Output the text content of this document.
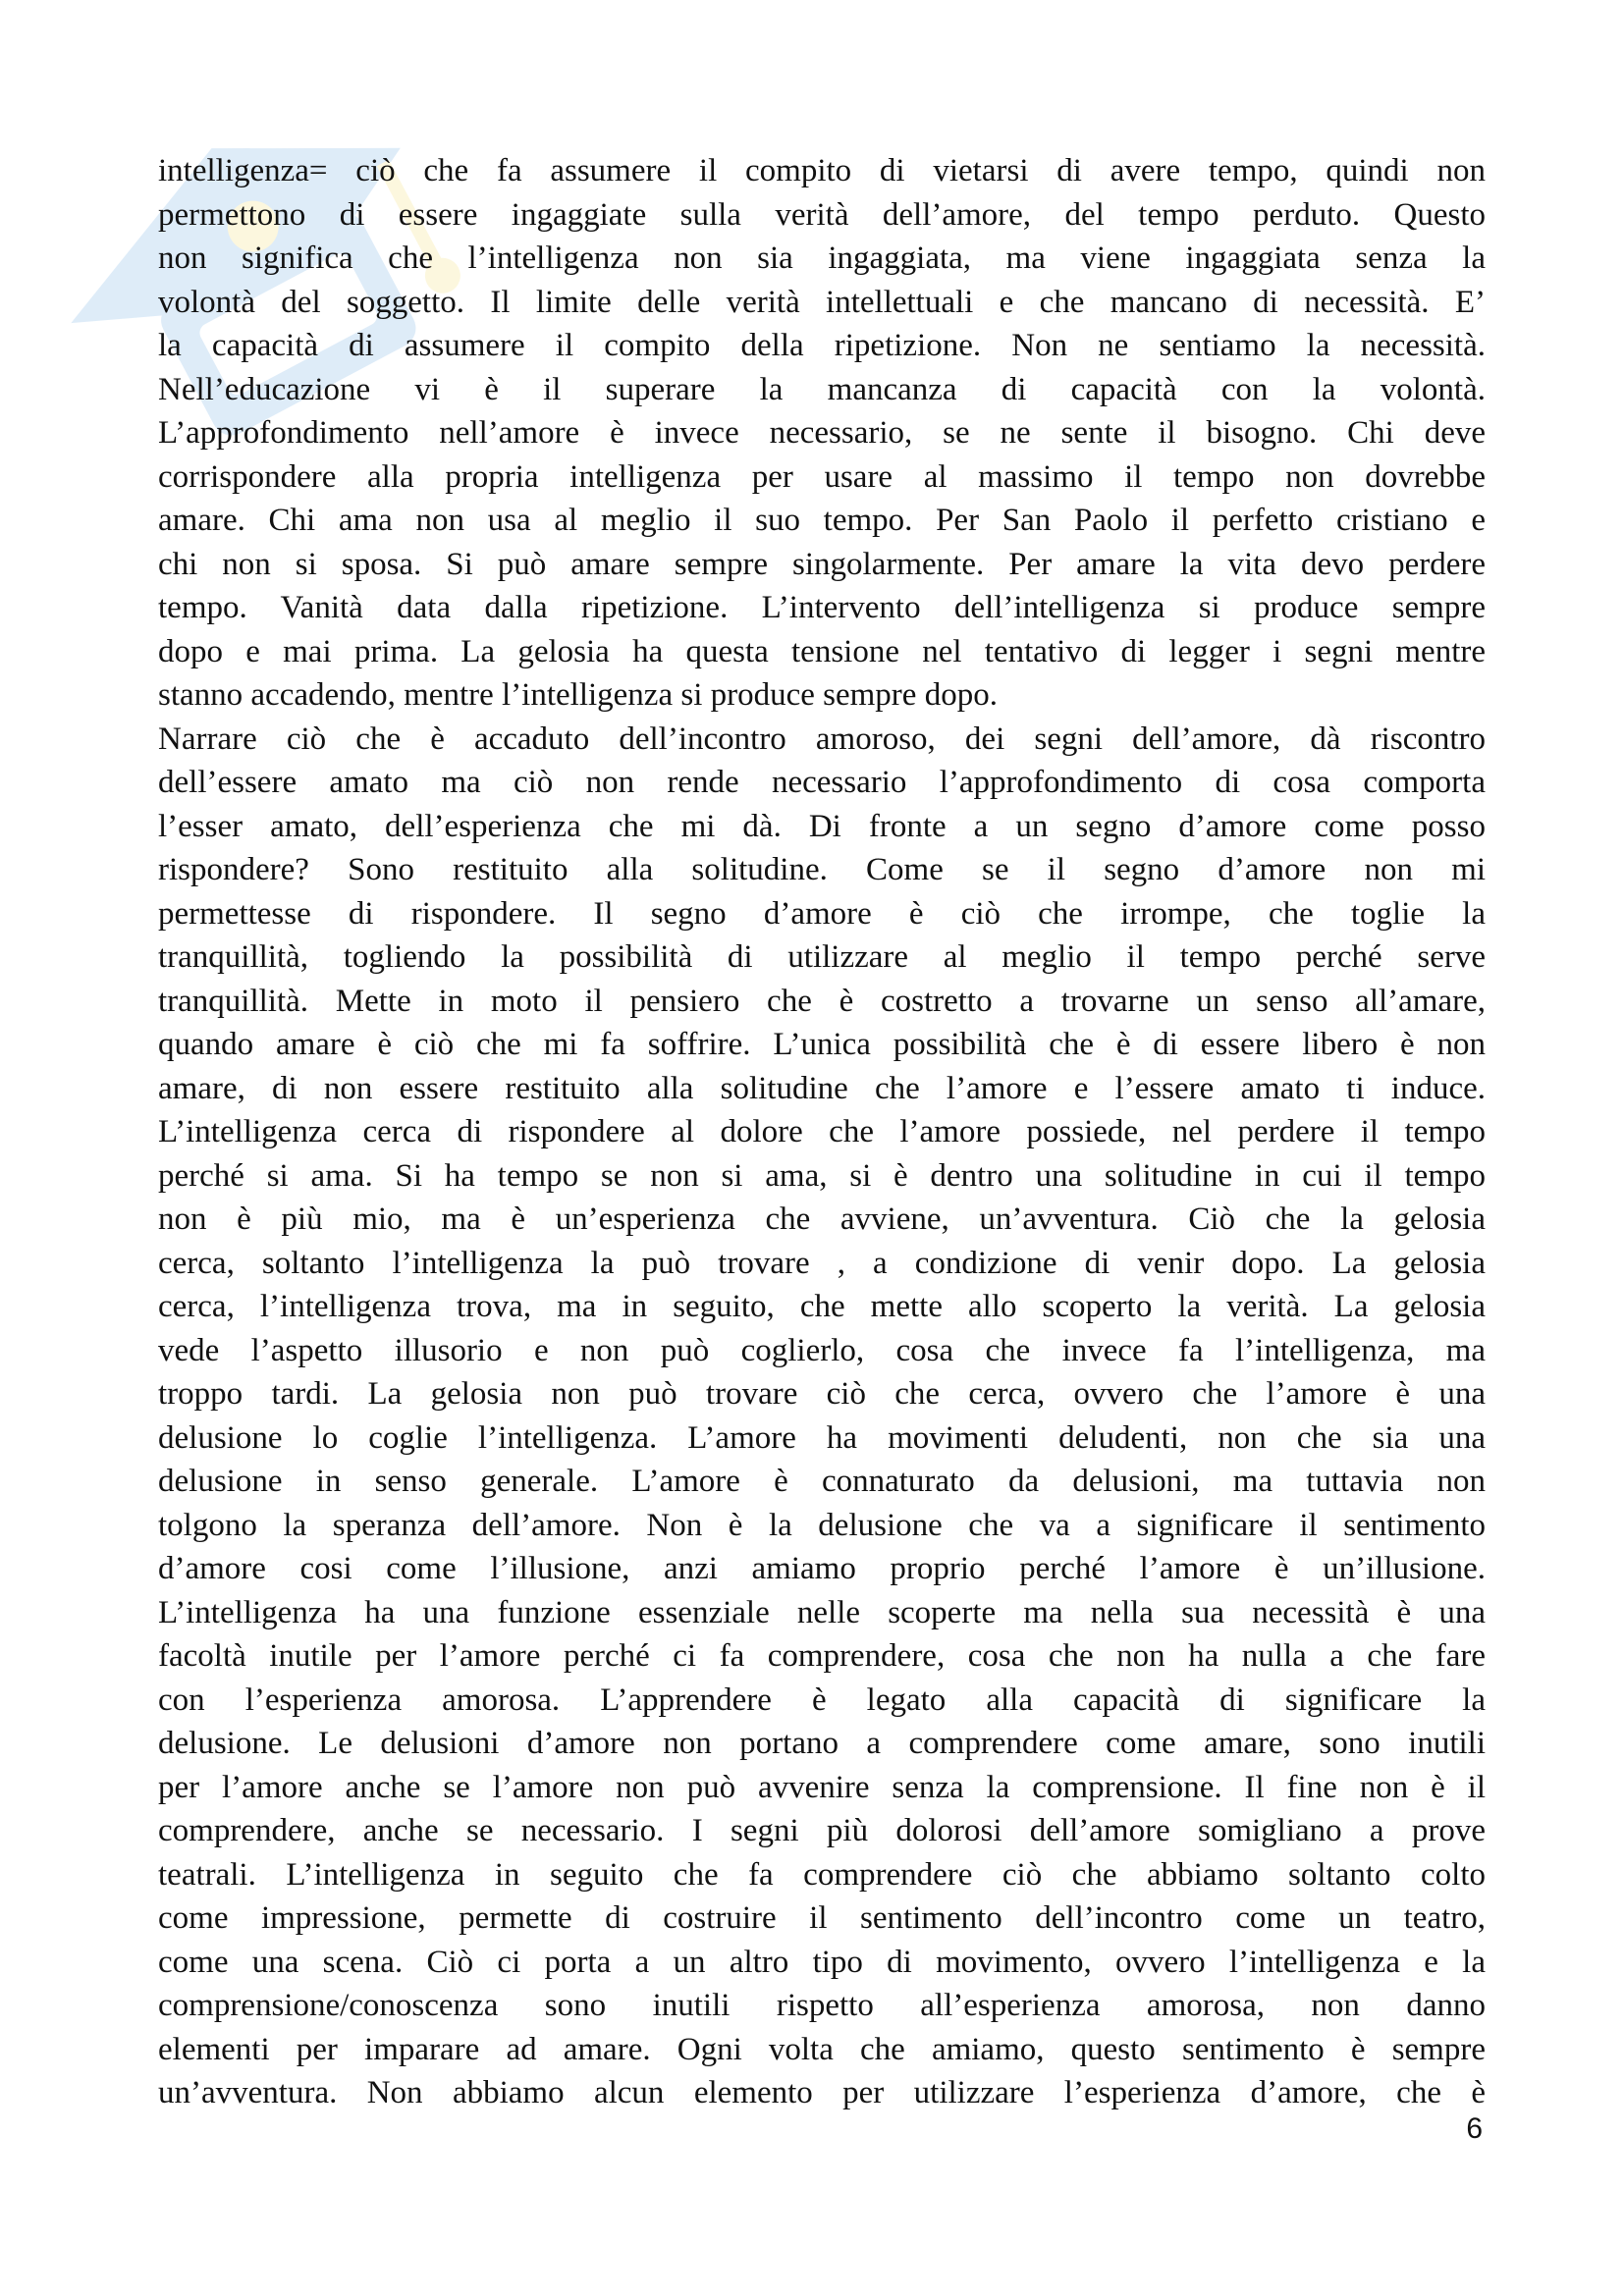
intelligenza= ciò che fa assumere il compito di vietarsi di avere tempo, quindi non
permettono di essere ingaggiate sulla verità dell’amore, del tempo perduto. Questo
non significa che l’intelligenza non sia ingaggiata, ma viene ingaggiata senza la
volontà del soggetto. Il limite delle verità intellettuali e che mancano di necessità. E’
la capacità di assumere il compito della ripetizione. Non ne sentiamo la necessità.
Nell’educazione vi è il superare la mancanza di capacità con la volontà.
L’approfondimento nell’amore è invece necessario, se ne sente il bisogno. Chi deve
corrispondere alla propria intelligenza per usare al massimo il tempo non dovrebbe
amare. Chi ama non usa al meglio il suo tempo. Per San Paolo il perfetto cristiano e
chi non si sposa. Si può amare sempre singolarmente. Per amare la vita devo perdere
tempo. Vanità data dalla ripetizione. L’intervento dell’intelligenza si produce sempre
dopo e mai prima. La gelosia ha questa tensione nel tentativo di legger i segni mentre
stanno accadendo, mentre l’intelligenza si produce sempre dopo.
Narrare ciò che è accaduto dell’incontro amoroso, dei segni dell’amore, dà riscontro
dell’essere amato ma ciò non rende necessario l’approfondimento di cosa comporta
l’esser amato, dell’esperienza che mi dà. Di fronte a un segno d’amore come posso
rispondere? Sono restituito alla solitudine. Come se il segno d’amore non mi
permettesse di rispondere. Il segno d’amore è ciò che irrompe, che toglie la
tranquillità, togliendo la possibilità di utilizzare al meglio il tempo perché serve
tranquillità. Mette in moto il pensiero che è costretto a trovarne un senso all’amare,
quando amare è ciò che mi fa soffrire. L’unica possibilità che è di essere libero è non
amare, di non essere restituito alla solitudine che l’amore e l’essere amato ti induce.
L’intelligenza cerca di rispondere al dolore che l’amore possiede, nel perdere il tempo
perché si ama. Si ha tempo se non si ama, si è dentro una solitudine in cui il tempo
non è più mio, ma è un’esperienza che avviene, un’avventura. Ciò che la gelosia
cerca, soltanto l’intelligenza la può trovare , a condizione di venir dopo. La gelosia
cerca, l’intelligenza trova, ma in seguito, che mette allo scoperto la verità. La gelosia
vede l’aspetto illusorio e non può coglierlo, cosa che invece fa l’intelligenza, ma
troppo tardi. La gelosia non può trovare ciò che cerca, ovvero che l’amore è una
delusione lo coglie l’intelligenza. L’amore ha movimenti deludenti, non che sia una
delusione in senso generale. L’amore è connaturato da delusioni, ma tuttavia non
tolgono la speranza dell’amore. Non è la delusione che va a significare il sentimento
d’amore cosi come l’illusione, anzi amiamo proprio perché l’amore è un’illusione.
L’intelligenza ha una funzione essenziale nelle scoperte ma nella sua necessità è una
facoltà inutile per l’amore perché ci fa comprendere, cosa che non ha nulla a che fare
con l’esperienza amorosa. L’apprendere è legato alla capacità di significare la
delusione. Le delusioni d’amore non portano a comprendere come amare, sono inutili
per l’amore anche se l’amore non può avvenire senza la comprensione. Il fine non è il
comprendere, anche se necessario. I segni più dolorosi dell’amore somigliano a prove
teatrali. L’intelligenza in seguito che fa comprendere ciò che abbiamo soltanto colto
come impressione, permette di costruire il sentimento dell’incontro come un teatro,
come una scena. Ciò ci porta a un altro tipo di movimento, ovvero l’intelligenza e la
comprensione/conoscenza sono inutili rispetto all’esperienza amorosa, non danno
elementi per imparare ad amare. Ogni volta che amiamo, questo sentimento è sempre
un’avventura. Non abbiamo alcun elemento per utilizzare l’esperienza d’amore, che è
6
